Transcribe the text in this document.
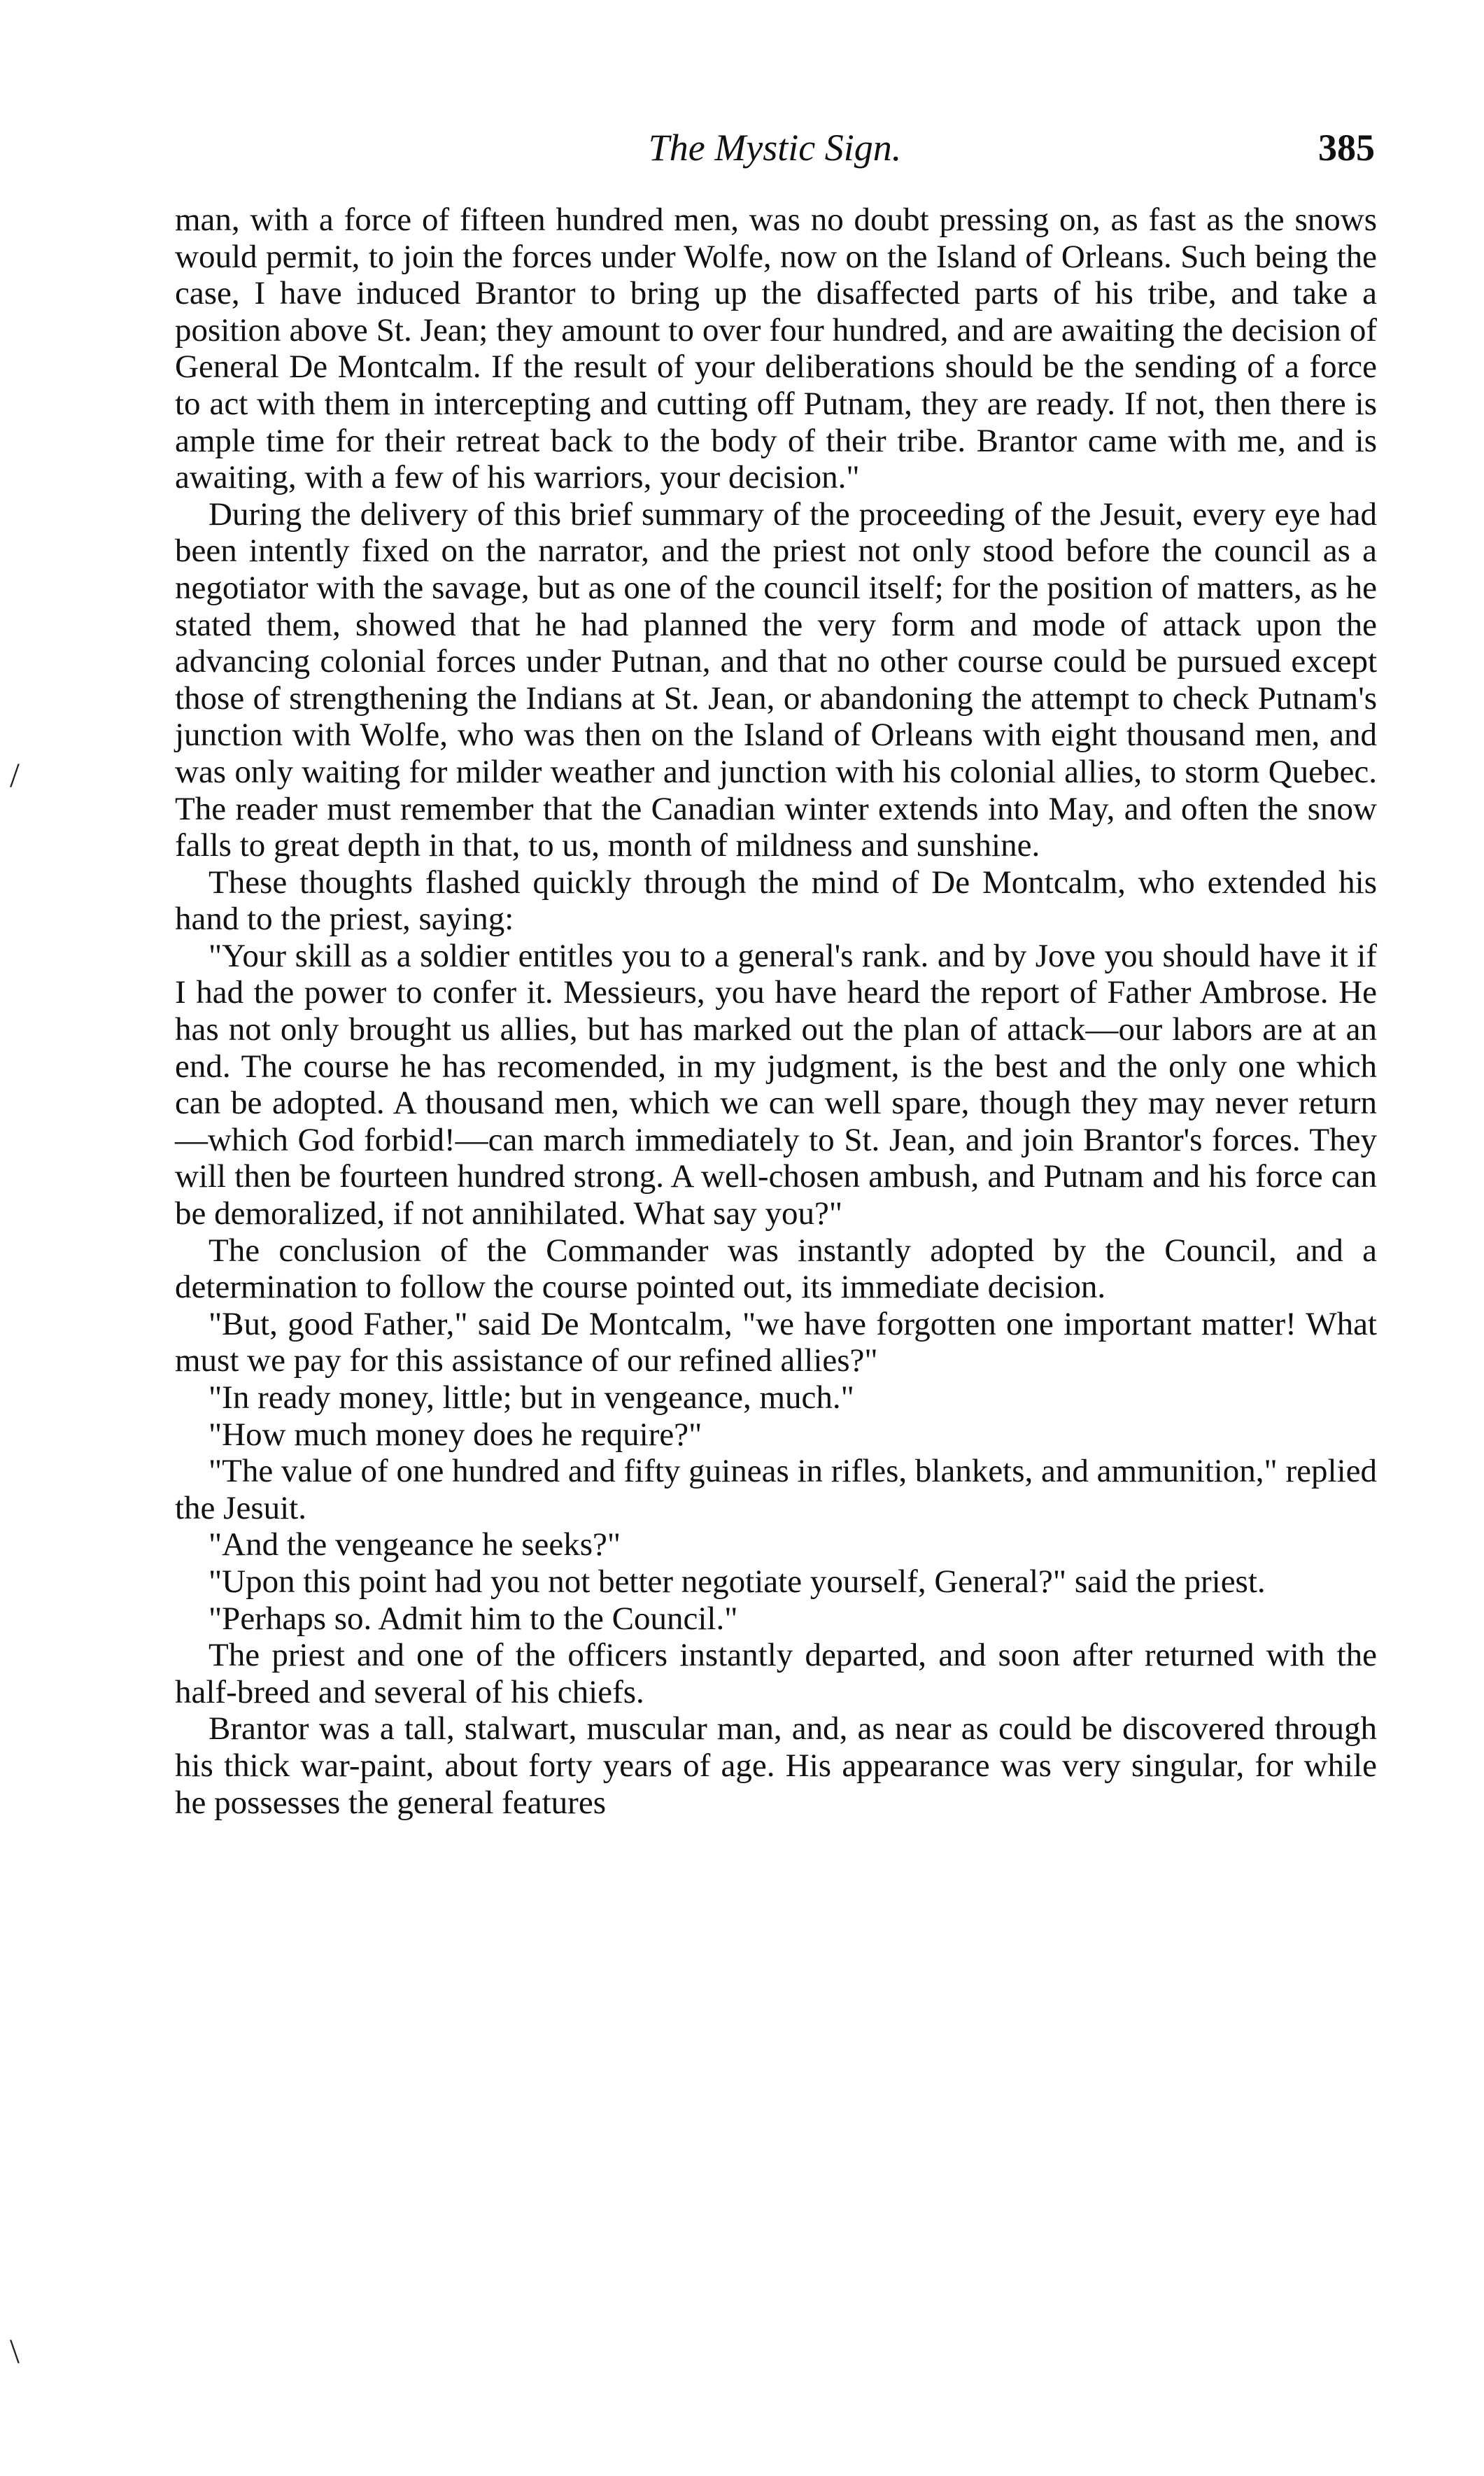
The Mystic Sign.	385

man, with a force of fifteen hundred men, was no doubt pressing on, as fast as the snows would permit, to join the forces under Wolfe, now on the Island of Orleans. Such being the case, I have induced Brantor to bring up the disaffected parts of his tribe, and take a position above St. Jean; they amount to over four hundred, and are awaiting the decision of General De Montcalm. If the result of your deliberations should be the sending of a force to act with them in intercepting and cutting off Putnam, they are ready. If not, then there is ample time for their retreat back to the body of their tribe. Brantor came with me, and is awaiting, with a few of his warriors, your decision."

During the delivery of this brief summary of the proceeding of the Jesuit, every eye had been intently fixed on the narrator, and the priest not only stood before the council as a negotiator with the savage, but as one of the council itself; for the position of matters, as he stated them, showed that he had planned the very form and mode of attack upon the advancing colonial forces under Putnan, and that no other course could be pursued except those of strengthening the Indians at St. Jean, or abandoning the attempt to check Putnam's junction with Wolfe, who was then on the Island of Orleans with eight thousand men, and was only waiting for milder weather and junction with his colonial allies, to storm Quebec. The reader must remember that the Canadian winter extends into May, and often the snow falls to great depth in that, to us, month of mildness and sunshine.

These thoughts flashed quickly through the mind of De Montcalm, who extended his hand to the priest, saying:

"Your skill as a soldier entitles you to a general's rank. and by Jove you should have it if I had the power to confer it. Messieurs, you have heard the report of Father Ambrose. He has not only brought us allies, but has marked out the plan of attack—our labors are at an end. The course he has recomended, in my judgment, is the best and the only one which can be adopted. A thousand men, which we can well spare, though they may never return—which God forbid!—can march immediately to St. Jean, and join Brantor's forces. They will then be fourteen hundred strong. A well-chosen ambush, and Putnam and his force can be demoralized, if not annihilated. What say you?"

The conclusion of the Commander was instantly adopted by the Council, and a determination to follow the course pointed out, its immediate decision.

"But, good Father," said De Montcalm, "we have forgotten one important matter! What must we pay for this assistance of our refined allies?"

"In ready money, little; but in vengeance, much."

"How much money does he require?"

"The value of one hundred and fifty guineas in rifles, blankets, and ammunition," replied the Jesuit.

"And the vengeance he seeks?"

"Upon this point had you not better negotiate yourself, General?" said the priest.

"Perhaps so. Admit him to the Council."

The priest and one of the officers instantly departed, and soon after returned with the half-breed and several of his chiefs.

Brantor was a tall, stalwart, muscular man, and, as near as could be discovered through his thick war-paint, about forty years of age. His appearance was very singular, for while he possesses the general features

/
\
